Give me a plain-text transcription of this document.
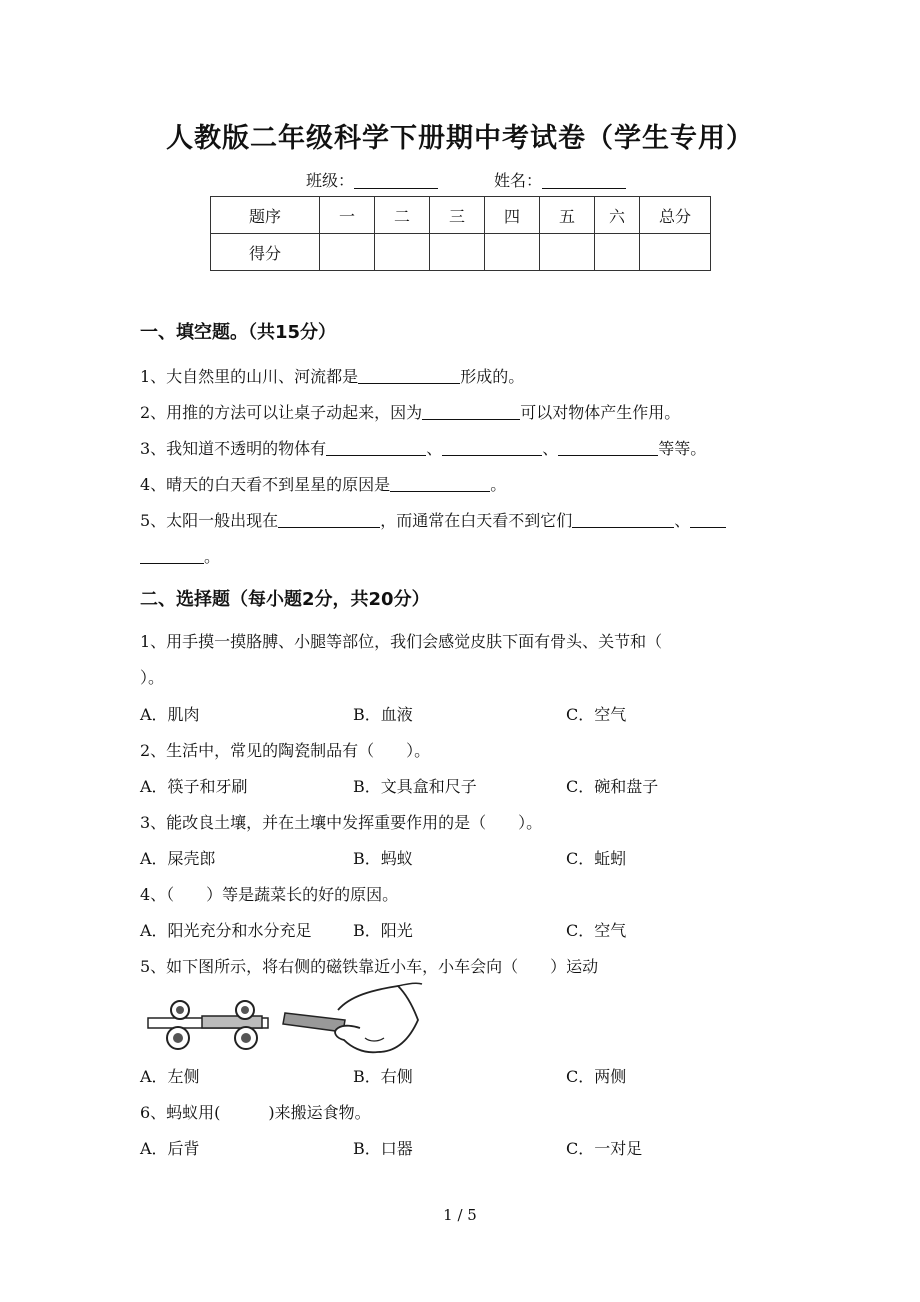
人教版二年级科学下册期中考试卷（学生专用）
班级：	姓名：
题序	一	二	三	四	五	六	总分
得分							
一、填空题。（共15分）
1、大自然里的山川、河流都是	形成的。
2、用推的方法可以让桌子动起来，因为	可以对物体产生作用。
3、我知道不透明的物体有	、	、	等等。
4、晴天的白天看不到星星的原因是	。
5、太阳一般出现在	，而通常在白天看不到它们	、
。
二、选择题（每小题2分，共20分）
1、用手摸一摸胳膊、小腿等部位，我们会感觉皮肤下面有骨头、关节和（
）。
A．肌肉	B．血液	C．空气
2、生活中，常见的陶瓷制品有（　　）。
A．筷子和牙刷	B．文具盒和尺子	C．碗和盘子
3、能改良土壤，并在土壤中发挥重要作用的是（　　）。
A．屎壳郎	B．蚂蚁	C．蚯蚓
4、（　　）等是蔬菜长的好的原因。
A．阳光充分和水分充足	B．阳光	C．空气
5、如下图所示，将右侧的磁铁靠近小车，小车会向（　　）运动
A．左侧	B．右侧	C．两侧
6、蚂蚁用(　　　)来搬运食物。
A．后背	B．口器	C．一对足
1 / 5
